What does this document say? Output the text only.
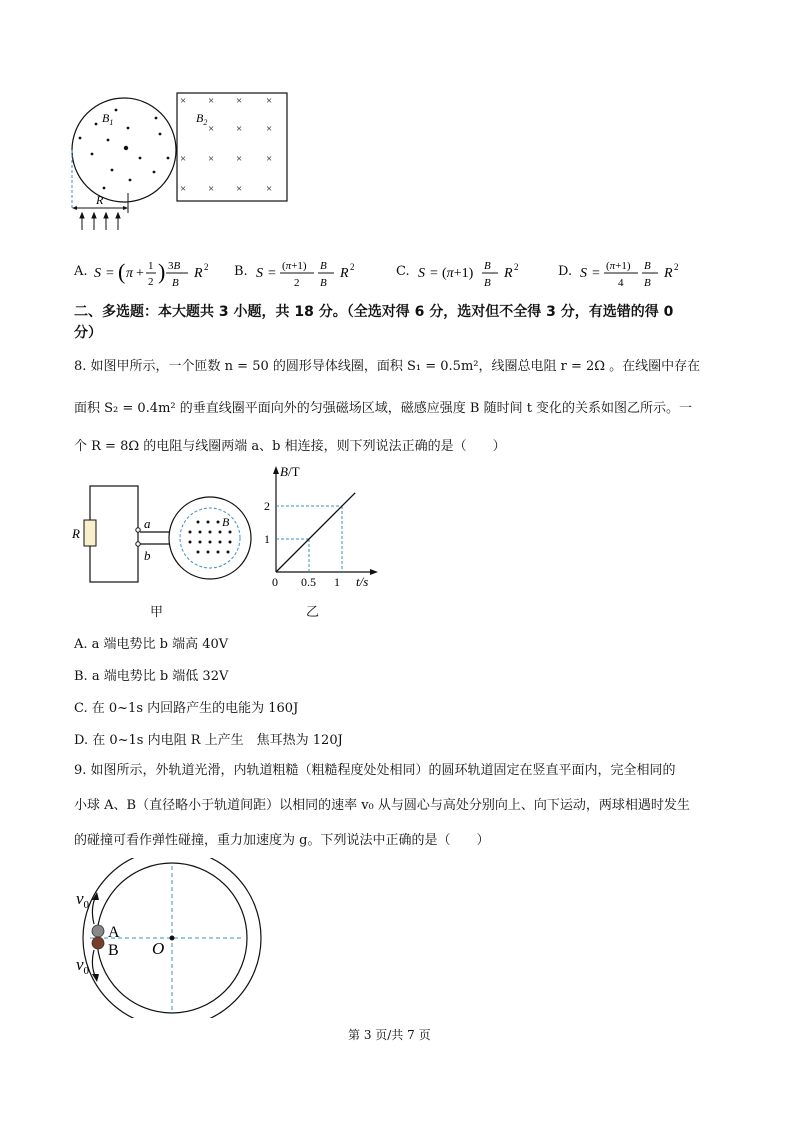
$B_1$
R
$B_2$
× × × ×
× × ×
× × × ×
× × × ×
A. S = ( π + 1
2 ) 3B
B
R 2 B. S = (π+1)
2
B
B
R 2	C. S = (π+1) B
B
R 2	D. S = (π+1)
4
B
B
R 2
二、多选题：本大题共 3 小题，共 18 分。（全选对得 6 分，选对但不全得 3 分，有选错的得 0
分）
8. 如图甲所示，一个匝数 n = 50 的圆形导体线圈，面积 S₁ = 0.5m²，线圈总电阻 r = 2Ω 。在线圈中存在
面积 S₂ = 0.4m² 的垂直线圈平面向外的匀强磁场区域，磁感应强度 B 随时间 t 变化的关系如图乙所示。一
个 R = 8Ω 的电阻与线圈两端 a、b 相连接，则下列说法正确的是（　　）
R
a
b
B
甲
B/T
t/s
0 0.5 1
1
2
乙
A. a 端电势比 b 端高 40V
B. a 端电势比 b 端低 32V
C. 在 0~1s 内回路产生的电能为 160J
D. 在 0~1s 内电阻 R 上产生　焦耳热为 120J
9. 如图所示，外轨道光滑，内轨道粗糙（粗糙程度处处相同）的圆环轨道固定在竖直平面内，完全相同的
小球 A、B（直径略小于轨道间距）以相同的速率 v₀ 从与圆心与高处分别向上、向下运动，两球相遇时发生
的碰撞可看作弹性碰撞，重力加速度为 g。下列说法中正确的是（　　）
O
A
B
$v_0$
$v_0$
第 3 页/共 7 页
